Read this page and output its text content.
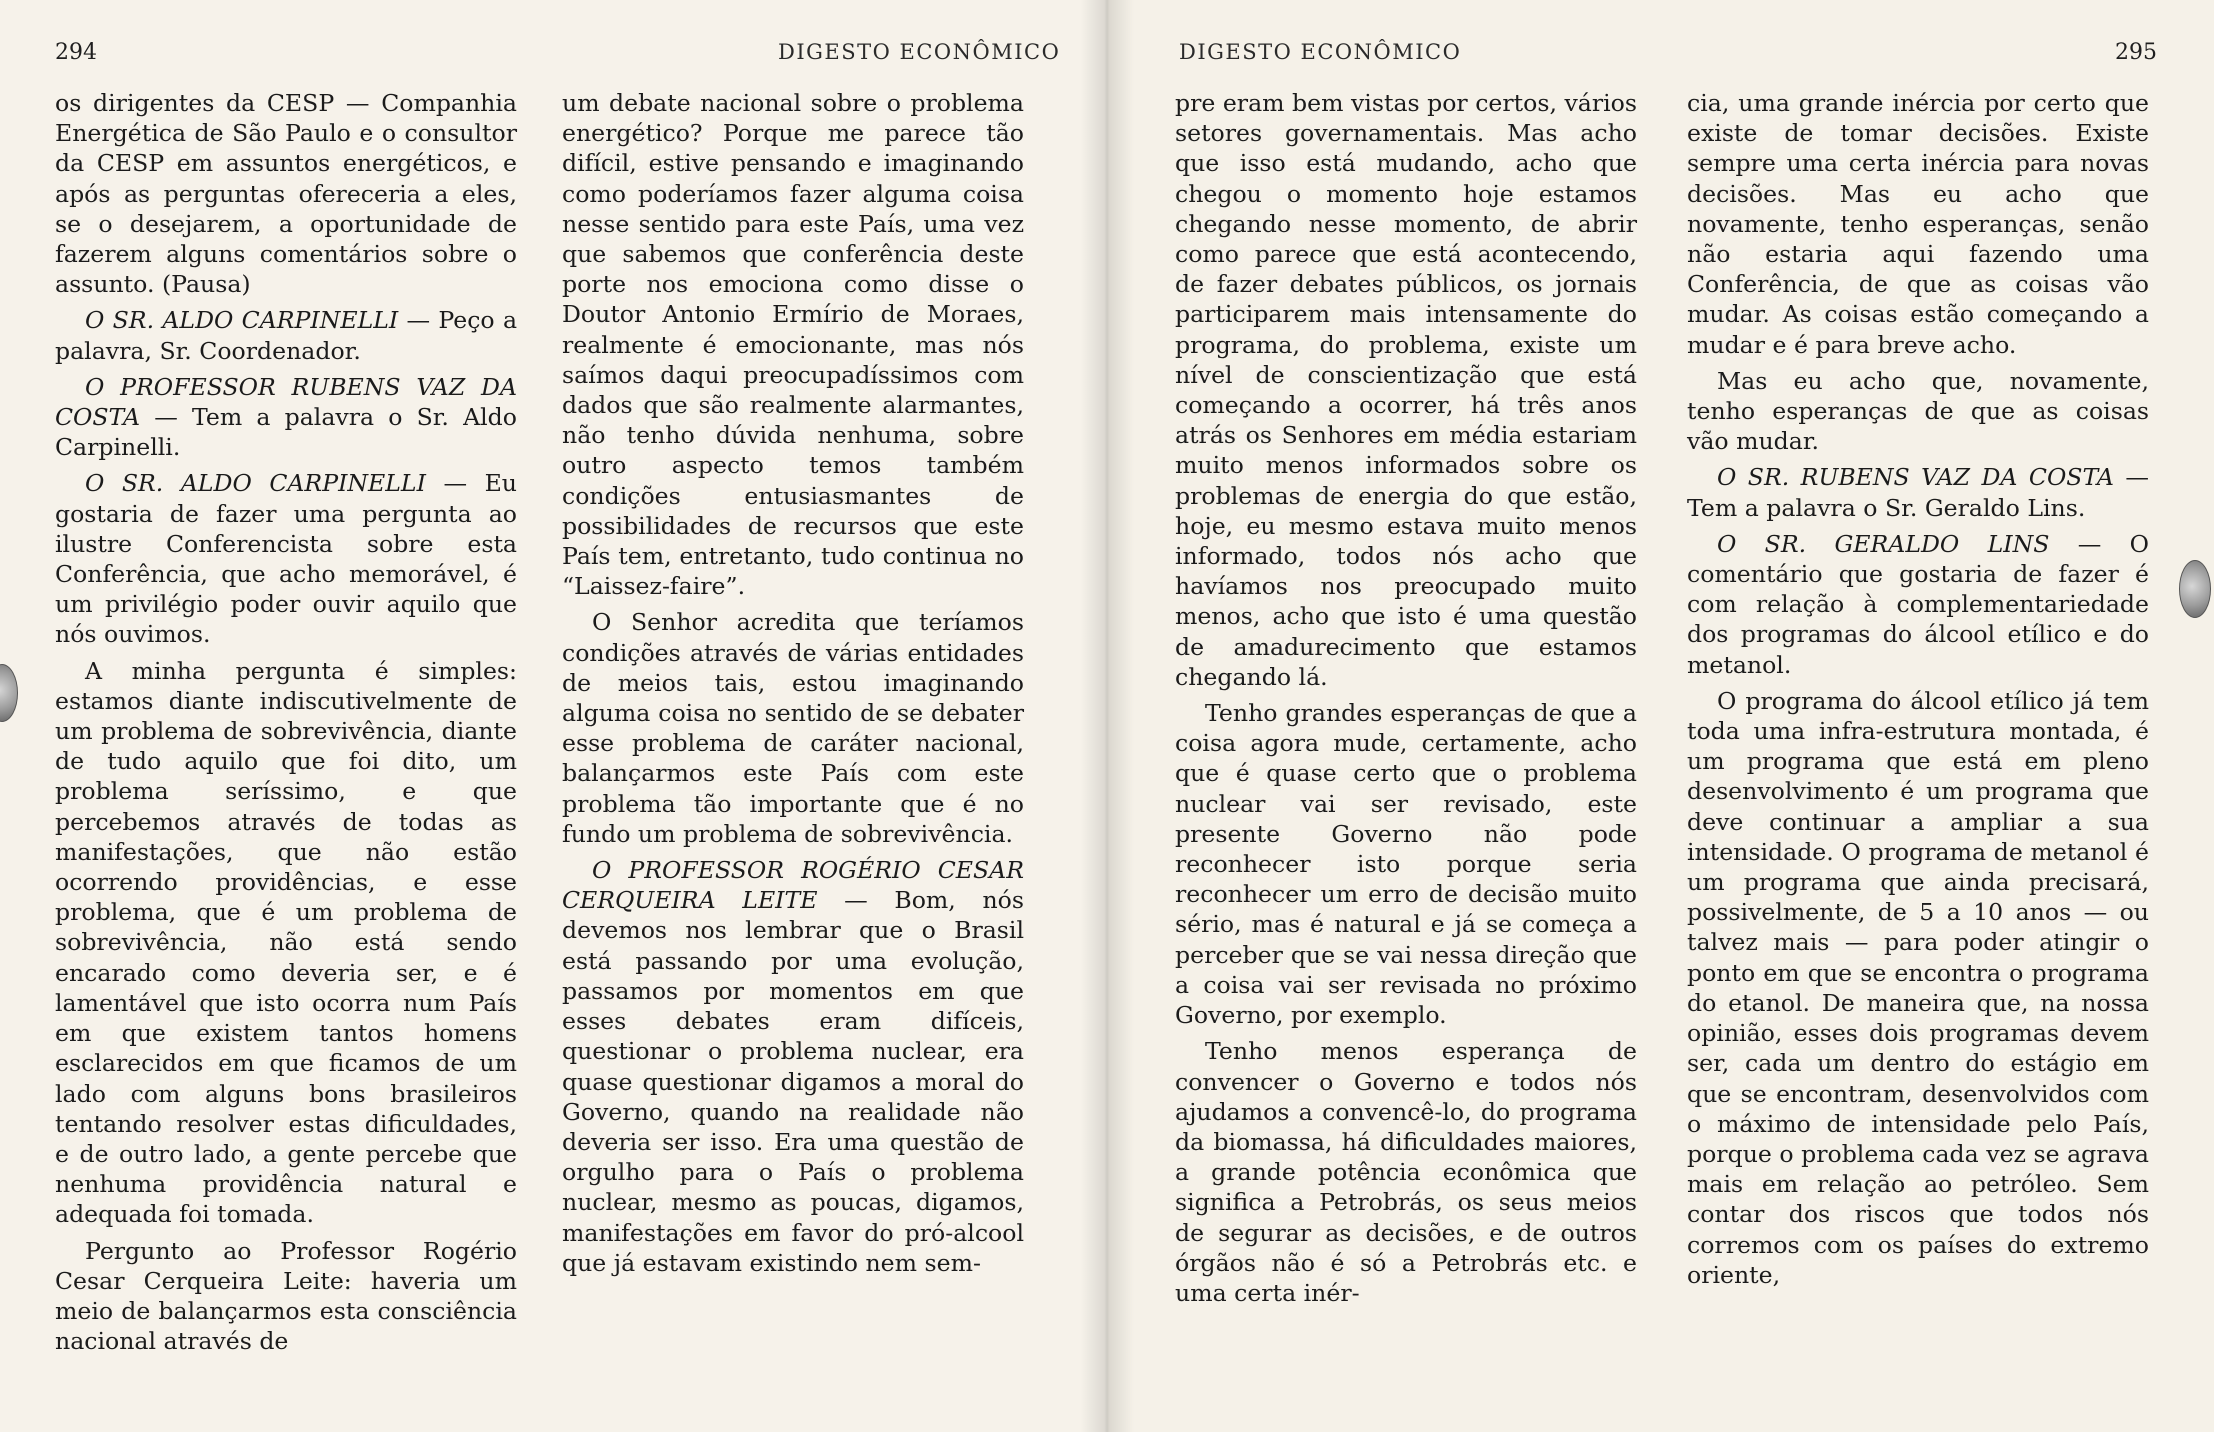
294	DIGESTO ECONÔMICO

os dirigentes da CESP — Companhia Energética de São Paulo e o consultor da CESP em assuntos energéticos, e após as perguntas ofereceria a eles, se o desejarem, a oportunidade de fazerem alguns comentários sobre o assunto. (Pausa)

O SR. ALDO CARPINELLI — Peço a palavra, Sr. Coordenador.

O PROFESSOR RUBENS VAZ DA COSTA — Tem a palavra o Sr. Aldo Carpinelli.

O SR. ALDO CARPINELLI — Eu gostaria de fazer uma pergunta ao ilustre Conferencista sobre esta Conferência, que acho memorável, é um privilégio poder ouvir aquilo que nós ouvimos.

A minha pergunta é simples: estamos diante indiscutivelmente de um problema de sobrevivência, diante de tudo aquilo que foi dito, um problema seríssimo, e que percebemos através de todas as manifestações, que não estão ocorrendo providências, e esse problema, que é um problema de sobrevivência, não está sendo encarado como deveria ser, e é lamentável que isto ocorra num País em que existem tantos homens esclarecidos em que ficamos de um lado com alguns bons brasileiros tentando resolver estas dificuldades, e de outro lado, a gente percebe que nenhuma providência natural e adequada foi tomada.

Pergunto ao Professor Rogério Cesar Cerqueira Leite: haveria um meio de balançarmos esta consciência nacional através de

um debate nacional sobre o problema energético? Porque me parece tão difícil, estive pensando e imaginando como poderíamos fazer alguma coisa nesse sentido para este País, uma vez que sabemos que conferência deste porte nos emociona como disse o Doutor Antonio Ermírio de Moraes, realmente é emocionante, mas nós saímos daqui preocupadíssimos com dados que são realmente alarmantes, não tenho dúvida nenhuma, sobre outro aspecto temos também condições entusiasmantes de possibilidades de recursos que este País tem, entretanto, tudo continua no “Laissez-faire”.

O Senhor acredita que teríamos condições através de várias entidades de meios tais, estou imaginando alguma coisa no sentido de se debater esse problema de caráter nacional, balançarmos este País com este problema tão importante que é no fundo um problema de sobrevivência.

O PROFESSOR ROGÉRIO CESAR CERQUEIRA LEITE — Bom, nós devemos nos lembrar que o Brasil está passando por uma evolução, passamos por momentos em que esses debates eram difíceis, questionar o problema nuclear, era quase questionar digamos a moral do Governo, quando na realidade não deveria ser isso. Era uma questão de orgulho para o País o problema nuclear, mesmo as poucas, digamos, manifestações em favor do pró-alcool que já estavam existindo nem sem-

DIGESTO ECONÔMICO	295

pre eram bem vistas por certos, vários setores governamentais. Mas acho que isso está mudando, acho que chegou o momento hoje estamos chegando nesse momento, de abrir como parece que está acontecendo, de fazer debates públicos, os jornais participarem mais intensamente do programa, do problema, existe um nível de conscientização que está começando a ocorrer, há três anos atrás os Senhores em média estariam muito menos informados sobre os problemas de energia do que estão, hoje, eu mesmo estava muito menos informado, todos nós acho que havíamos nos preocupado muito menos, acho que isto é uma questão de amadurecimento que estamos chegando lá.

Tenho grandes esperanças de que a coisa agora mude, certamente, acho que é quase certo que o problema nuclear vai ser revisado, este presente Governo não pode reconhecer isto porque seria reconhecer um erro de decisão muito sério, mas é natural e já se começa a perceber que se vai nessa direção que a coisa vai ser revisada no próximo Governo, por exemplo.

Tenho menos esperança de convencer o Governo e todos nós ajudamos a convencê-lo, do programa da biomassa, há dificuldades maiores, a grande potência econômica que significa a Petrobrás, os seus meios de segurar as decisões, e de outros órgãos não é só a Petrobrás etc. e uma certa inér-

cia, uma grande inércia por certo que existe de tomar decisões. Existe sempre uma certa inércia para novas decisões. Mas eu acho que novamente, tenho esperanças, senão não estaria aqui fazendo uma Conferência, de que as coisas vão mudar. As coisas estão começando a mudar e é para breve acho.

Mas eu acho que, novamente, tenho esperanças de que as coisas vão mudar.

O SR. RUBENS VAZ DA COSTA — Tem a palavra o Sr. Geraldo Lins.

O SR. GERALDO LINS — O comentário que gostaria de fazer é com relação à complementariedade dos programas do álcool etílico e do metanol.

O programa do álcool etílico já tem toda uma infra-estrutura montada, é um programa que está em pleno desenvolvimento é um programa que deve continuar a ampliar a sua intensidade. O programa de metanol é um programa que ainda precisará, possivelmente, de 5 a 10 anos — ou talvez mais — para poder atingir o ponto em que se encontra o programa do etanol. De maneira que, na nossa opinião, esses dois programas devem ser, cada um dentro do estágio em que se encontram, desenvolvidos com o máximo de intensidade pelo País, porque o problema cada vez se agrava mais em relação ao petróleo. Sem contar dos riscos que todos nós corremos com os países do extremo oriente,
